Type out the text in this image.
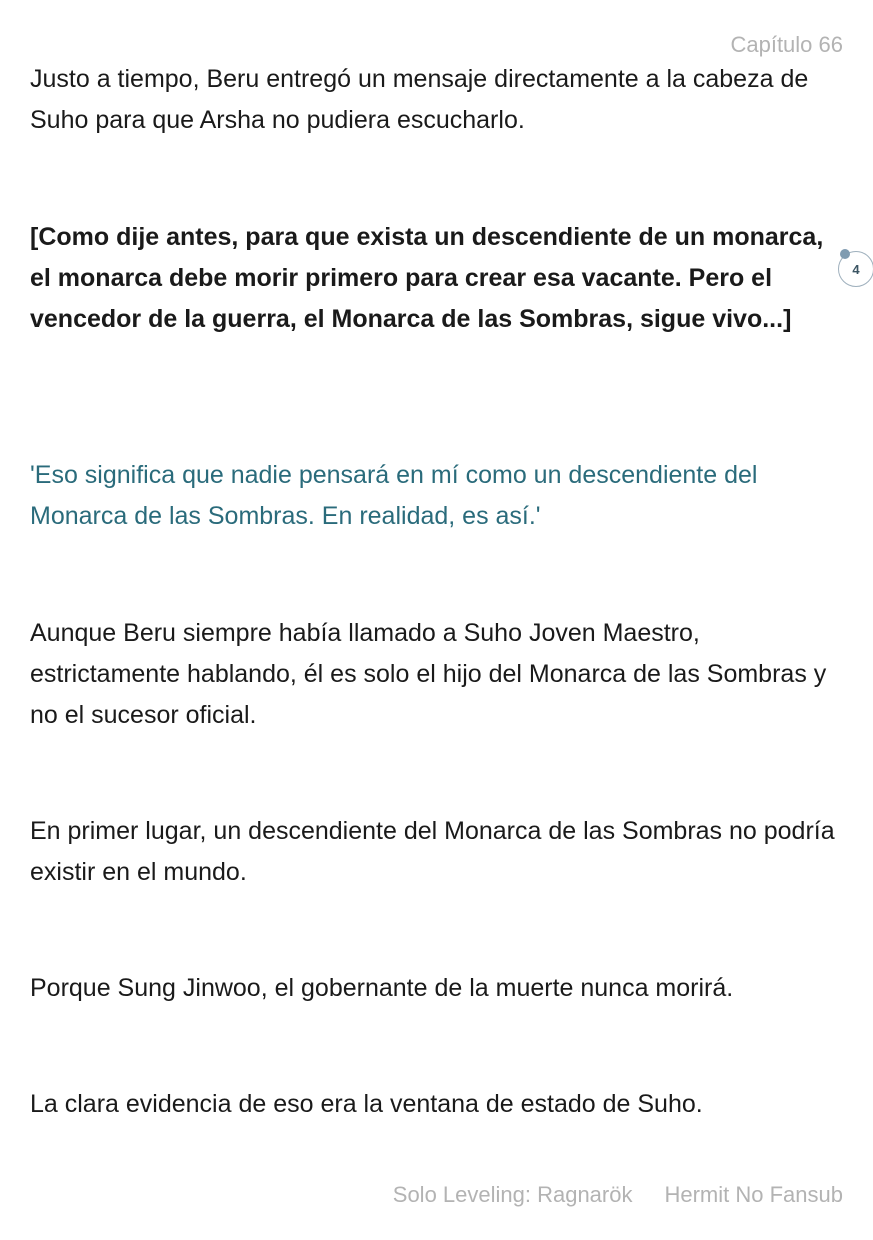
Capítulo 66

Justo a tiempo, Beru entregó un mensaje directamente a la cabeza de Suho para que Arsha no pudiera escucharlo.

[Como dije antes, para que exista un descendiente de un monarca, el monarca debe morir primero para crear esa vacante. Pero el vencedor de la guerra, el Monarca de las Sombras, sigue vivo...]

'Eso significa que nadie pensará en mí como un descendiente del Monarca de las Sombras. En realidad, es así.'

Aunque Beru siempre había llamado a Suho Joven Maestro, estrictamente hablando, él es solo el hijo del Monarca de las Sombras y no el sucesor oficial.

En primer lugar, un descendiente del Monarca de las Sombras no podría existir en el mundo.

Porque Sung Jinwoo, el gobernante de la muerte nunca morirá.

La clara evidencia de eso era la ventana de estado de Suho.

4
Solo Leveling: Ragnarök Hermit No Fansub
